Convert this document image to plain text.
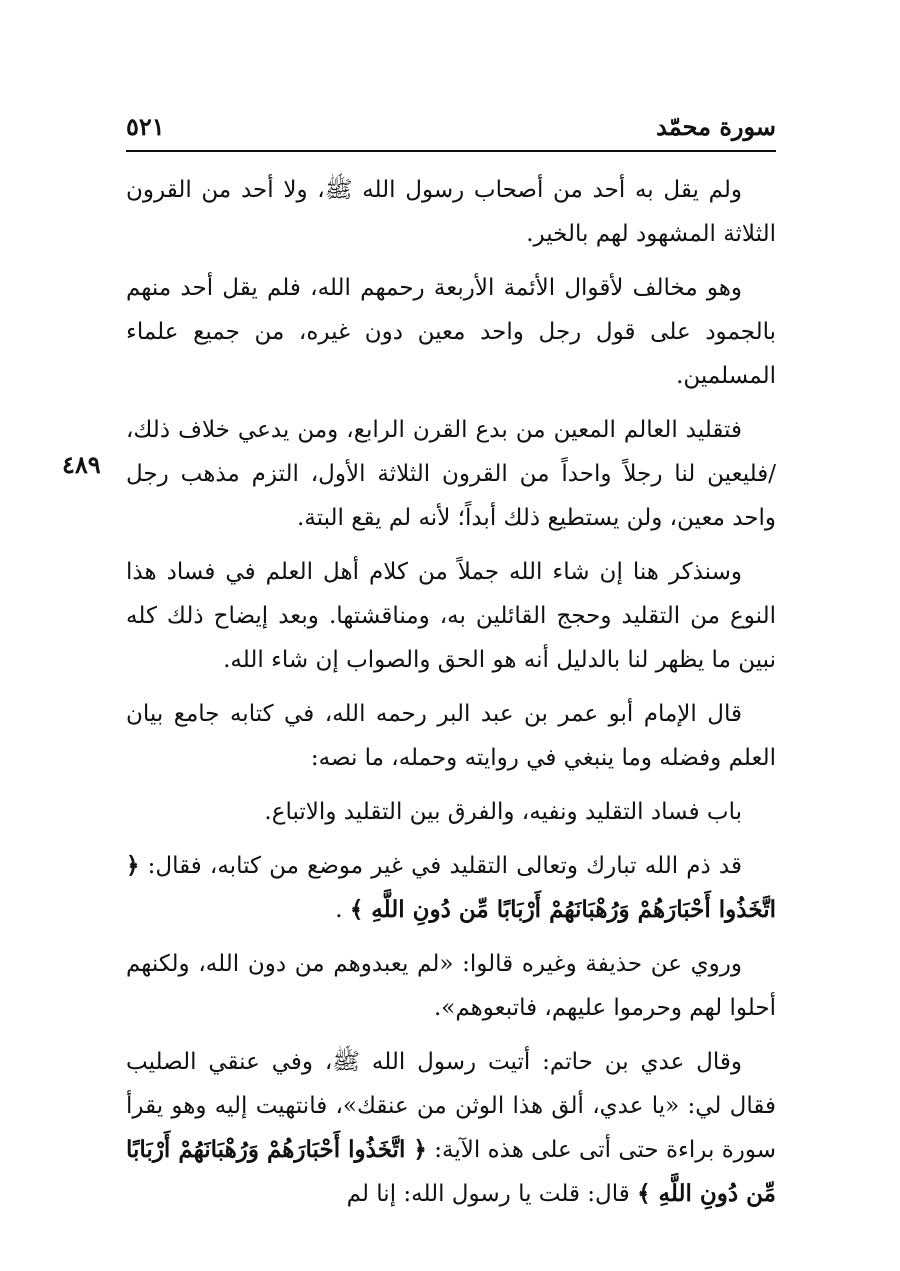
سورة محمّد
٥٢١
٤٨٩

ولم يقل به أحد من أصحاب رسول الله ﷺ، ولا أحد من القرون الثلاثة المشهود لهم بالخير.

وهو مخالف لأقوال الأئمة الأربعة رحمهم الله، فلم يقل أحد منهم بالجمود على قول رجل واحد معين دون غيره، من جميع علماء المسلمين.

فتقليد العالم المعين من بدع القرن الرابع، ومن يدعي خلاف ذلك، /فليعين لنا رجلاً واحداً من القرون الثلاثة الأول، التزم مذهب رجل واحد معين، ولن يستطيع ذلك أبداً؛ لأنه لم يقع البتة.

وسنذكر هنا إن شاء الله جملاً من كلام أهل العلم في فساد هذا النوع من التقليد وحجج القائلين به، ومناقشتها. وبعد إيضاح ذلك كله نبين ما يظهر لنا بالدليل أنه هو الحق والصواب إن شاء الله.

قال الإمام أبو عمر بن عبد البر رحمه الله، في كتابه جامع بيان العلم وفضله وما ينبغي في روايته وحمله، ما نصه:

باب فساد التقليد ونفيه، والفرق بين التقليد والاتباع.

قد ذم الله تبارك وتعالى التقليد في غير موضع من كتابه، فقال: ﴿ اتَّخَذُوا أَحْبَارَهُمْ وَرُهْبَانَهُمْ أَرْبَابًا مِّن دُونِ اللَّهِ ﴾ .

وروي عن حذيفة وغيره قالوا: «لم يعبدوهم من دون الله، ولكنهم أحلوا لهم وحرموا عليهم، فاتبعوهم».

وقال عدي بن حاتم: أتيت رسول الله ﷺ، وفي عنقي الصليب فقال لي: «يا عدي، ألق هذا الوثن من عنقك»، فانتهيت إليه وهو يقرأ سورة براءة حتى أتى على هذه الآية: ﴿ اتَّخَذُوا أَحْبَارَهُمْ وَرُهْبَانَهُمْ أَرْبَابًا مِّن دُونِ اللَّهِ ﴾ قال: قلت يا رسول الله: إنا لم
